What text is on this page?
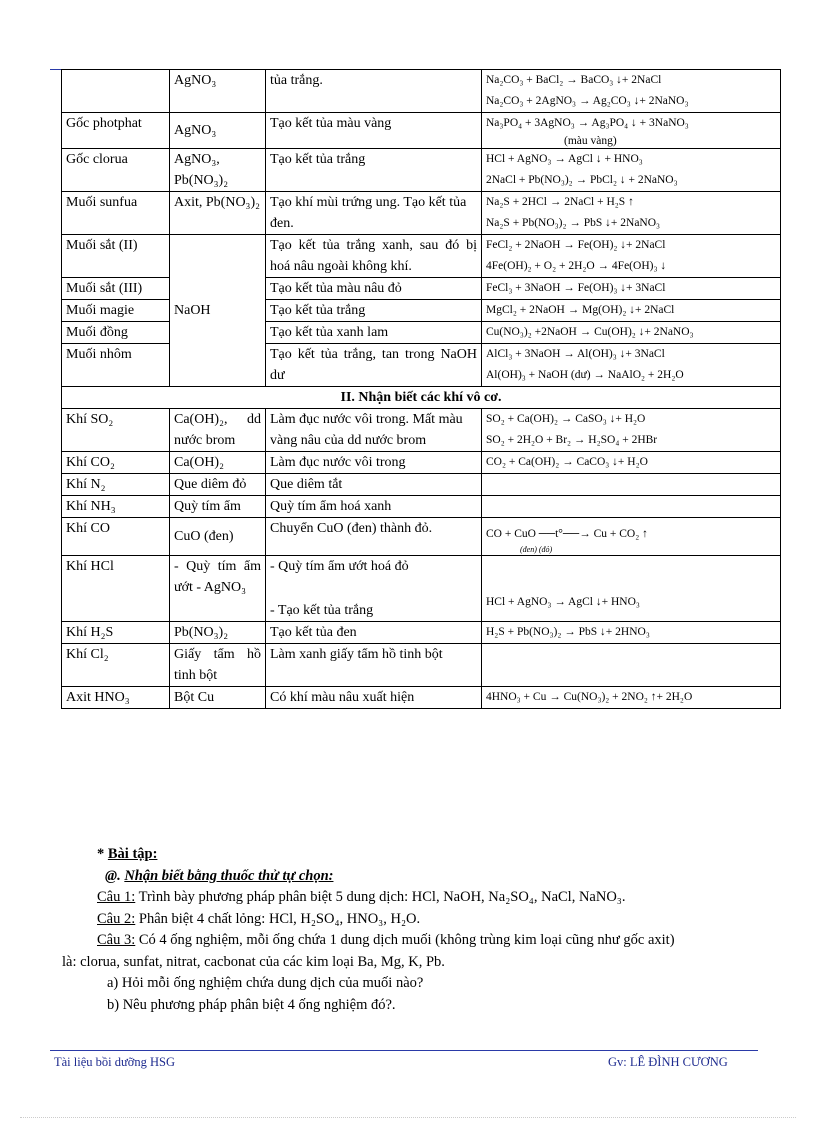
	AgNO₃	tủa trắng.	Na₂CO₃ + BaCl₂ → BaCO₃ ↓+ 2NaCl
Na₂CO₃ + 2AgNO₃ → Ag₂CO₃ ↓+ 2NaNO₃

Gốc photphat	AgNO₃	Tạo kết tủa màu vàng	Na₃PO₄ + 3AgNO₃ → Ag₃PO₄ ↓ + 3NaNO₃
(màu vàng)

Gốc clorua	AgNO₃, Pb(NO₃)₂	Tạo kết tủa trắng	HCl + AgNO₃ → AgCl ↓ + HNO₃
2NaCl + Pb(NO₃)₂ → PbCl₂ ↓ + 2NaNO₃

Muối sunfua	Axit, Pb(NO₃)₂	Tạo khí mùi trứng ung. Tạo kết tủa đen.	Na₂S + 2HCl → 2NaCl + H₂S ↑
Na₂S + Pb(NO₃)₂ → PbS ↓+ 2NaNO₃

Muối sắt (II)	NaOH	Tạo kết tủa trắng xanh, sau đó bị hoá nâu ngoài không khí.	FeCl₂ + 2NaOH → Fe(OH)₂ ↓+ 2NaCl
4Fe(OH)₂ + O₂ + 2H₂O → 4Fe(OH)₃ ↓

Muối sắt (III)		Tạo kết tủa màu nâu đỏ	FeCl₃ + 3NaOH → Fe(OH)₃ ↓+ 3NaCl

Muối magie		Tạo kết tủa trắng	MgCl₂ + 2NaOH → Mg(OH)₂ ↓+ 2NaCl

Muối đồng		Tạo kết tủa xanh lam	Cu(NO₃)₂ +2NaOH → Cu(OH)₂ ↓+ 2NaNO₃

Muối nhôm		Tạo kết tủa trắng, tan trong NaOH dư	AlCl₃ + 3NaOH → Al(OH)₃ ↓+ 3NaCl
Al(OH)₃ + NaOH (dư) → NaAlO₂ + 2H₂O

II. Nhận biết các khí vô cơ.			
Khí SO₂	Ca(OH)₂, dd nước brom	Làm đục nước vôi trong. Mất màu vàng nâu của dd nước brom	SO₂ + Ca(OH)₂ → CaSO₃ ↓+ H₂O
SO₂ + 2H₂O + Br₂ → H₂SO₄ + 2HBr

Khí CO₂	Ca(OH)₂	Làm đục nước vôi trong	CO₂ + Ca(OH)₂ → CaCO₃ ↓+ H₂O

Khí N₂	Que diêm đỏ	Que diêm tắt	
Khí NH₃	Quỳ tím ẩm	Quỳ tím ẩm hoá xanh	
Khí CO	CuO (đen)	Chuyển CuO (đen) thành đỏ.	CO + CuO ──t°──→ Cu + CO₂ ↑
(đen) (đỏ)

Khí HCl	- Quỳ tím ẩm ướt - AgNO₃	- Quỳ tím ẩm ướt hoá đỏ
- Tạo kết tủa trắng	HCl + AgNO₃ → AgCl ↓+ HNO₃

Khí H₂S	Pb(NO₃)₂	Tạo kết tủa đen	H₂S + Pb(NO₃)₂ → PbS ↓+ 2HNO₃

Khí Cl₂	Giấy tẩm hồ tinh bột	Làm xanh giấy tẩm hồ tinh bột	
Axit HNO₃	Bột Cu	Có khí màu nâu xuất hiện	4HNO₃ + Cu → Cu(NO₃)₂ + 2NO₂ ↑+ 2H₂O

* Bài tập:

@. Nhận biết bằng thuốc thử tự chọn:

Câu 1: Trình bày phương pháp phân biệt 5 dung dịch: HCl, NaOH, Na₂SO₄, NaCl, NaNO₃.

Câu 2: Phân biệt 4 chất lỏng: HCl, H₂SO₄, HNO₃, H₂O.

Câu 3: Có 4 ống nghiệm, mỗi ống chứa 1 dung dịch muối (không trùng kim loại cũng như gốc axit)

là: clorua, sunfat, nitrat, cacbonat của các kim loại Ba, Mg, K, Pb.

a) Hỏi mỗi ống nghiệm chứa dung dịch của muối nào?

b) Nêu phương pháp phân biệt 4 ống nghiệm đó?.

Tài liệu bồi dưỡng HSG	Gv: LÊ ĐÌNH CƯƠNG
